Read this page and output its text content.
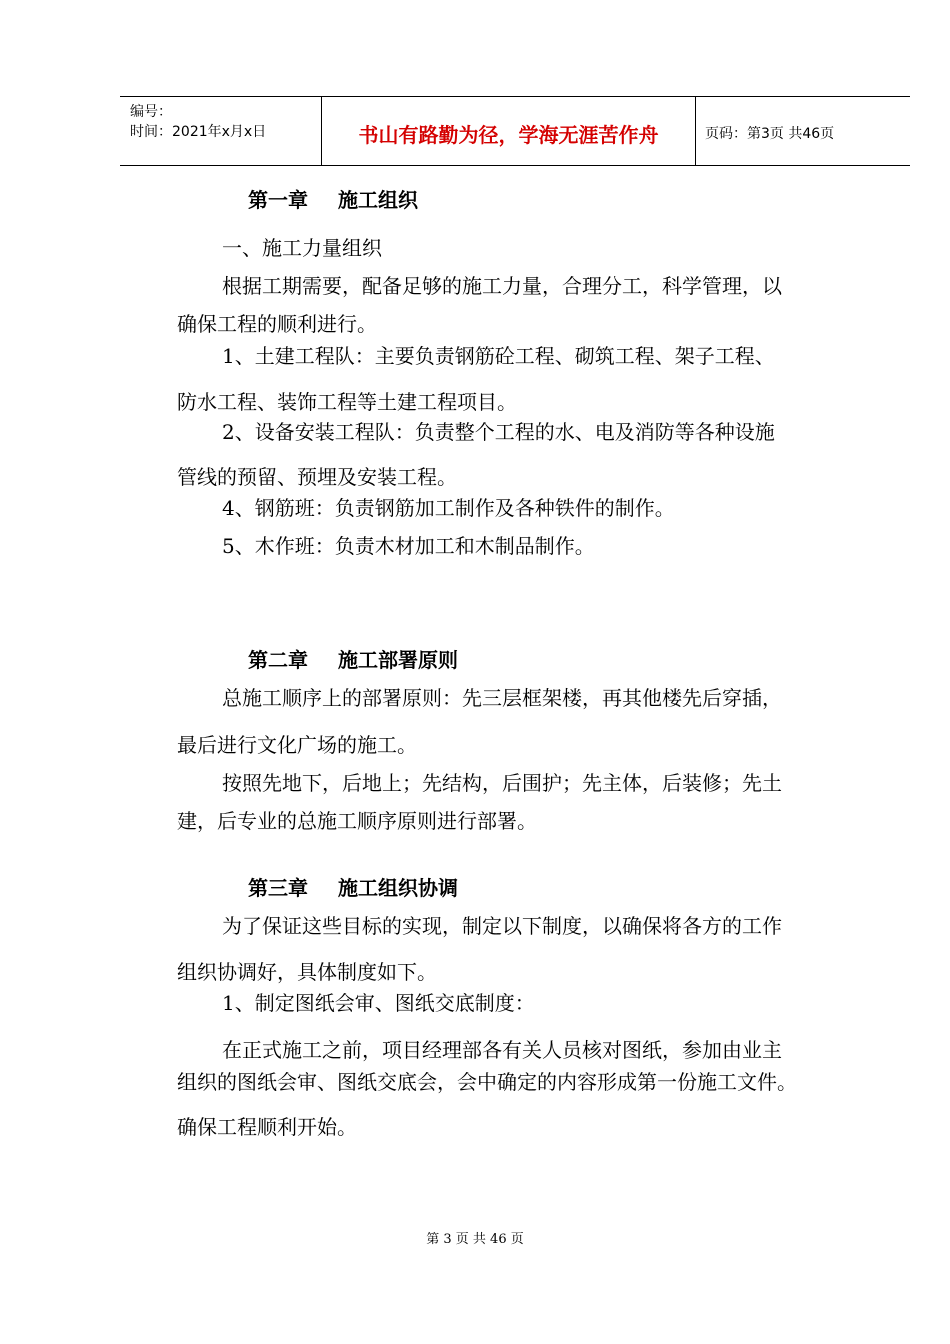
编号：
时间：2021年x月x日	书山有路勤为径，学海无涯苦作舟	页码：第3页 共46页
第一章 施工组织
一、施工力量组织
根据工期需要，配备足够的施工力量，合理分工，科学管理，以
确保工程的顺利进行。
1、土建工程队：主要负责钢筋砼工程、砌筑工程、架子工程、
防水工程、装饰工程等土建工程项目。
2、设备安装工程队：负责整个工程的水、电及消防等各种设施
管线的预留、预埋及安装工程。
4、钢筋班：负责钢筋加工制作及各种铁件的制作。
5、木作班：负责木材加工和木制品制作。
第二章 施工部署原则
总施工顺序上的部署原则：先三层框架楼，再其他楼先后穿插，
最后进行文化广场的施工。
按照先地下，后地上；先结构，后围护；先主体，后装修；先土
建，后专业的总施工顺序原则进行部署。
第三章 施工组织协调
为了保证这些目标的实现，制定以下制度，以确保将各方的工作
组织协调好，具体制度如下。
1、制定图纸会审、图纸交底制度：
在正式施工之前，项目经理部各有关人员核对图纸，参加由业主
组织的图纸会审、图纸交底会，会中确定的内容形成第一份施工文件。
确保工程顺利开始。
第 3 页 共 46 页
